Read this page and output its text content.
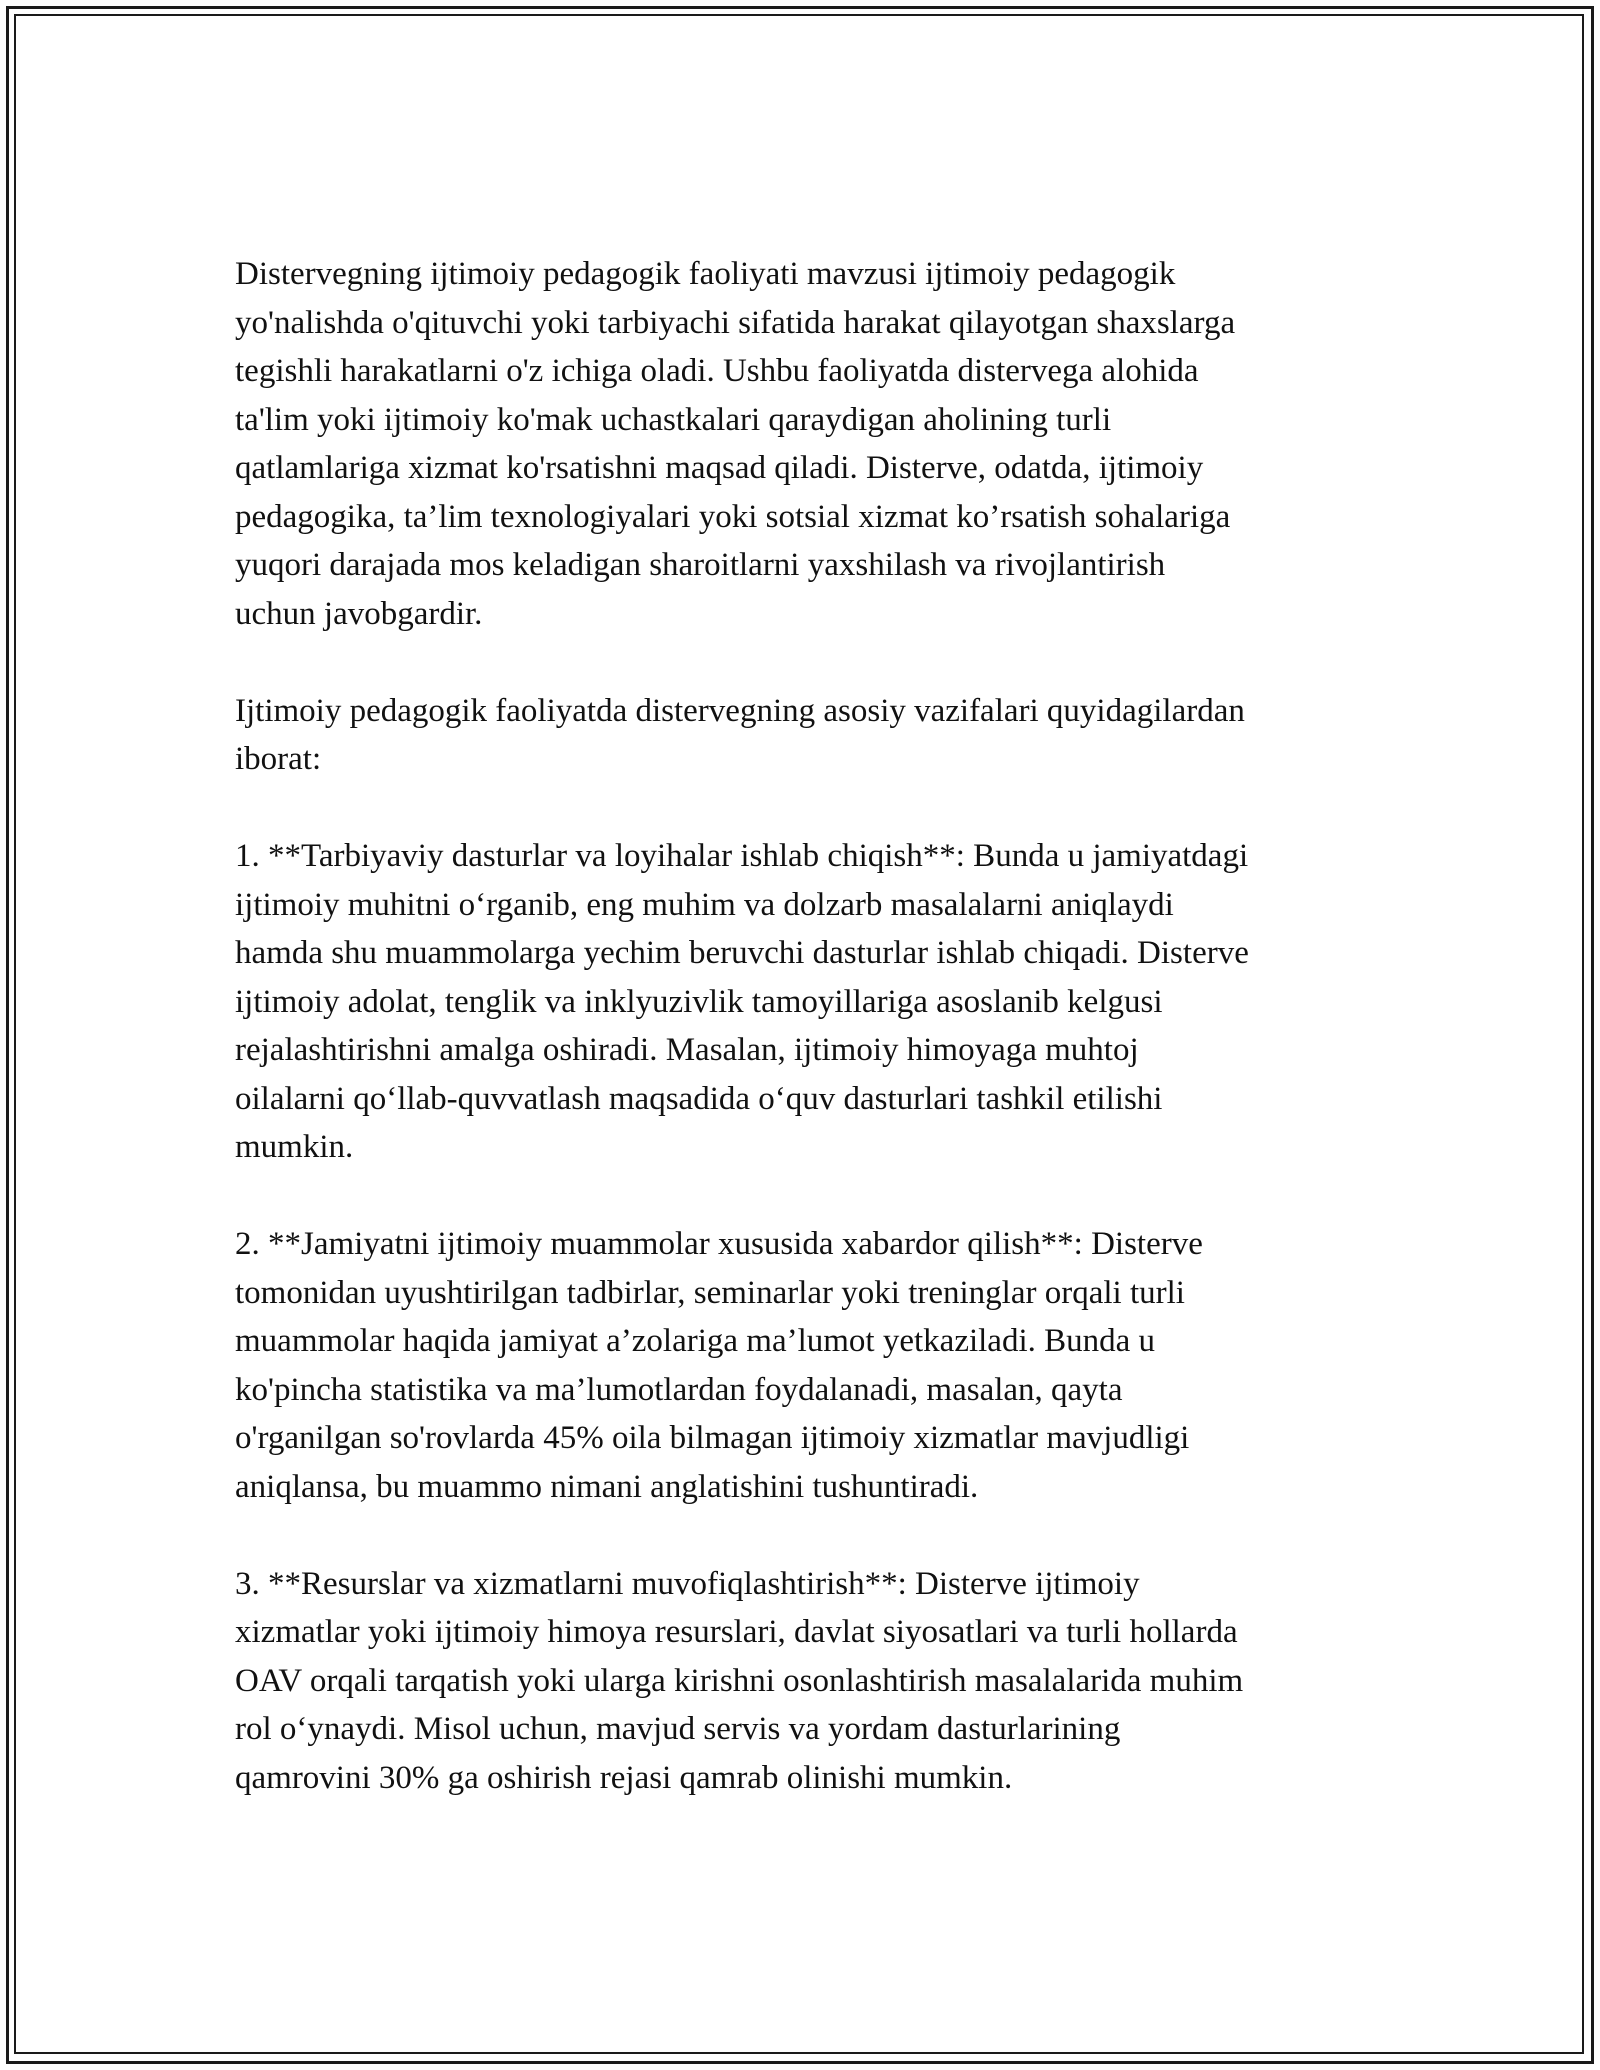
Distervegning ijtimoiy pedagogik faoliyati mavzusi ijtimoiy pedagogik
yo'nalishda o'qituvchi yoki tarbiyachi sifatida harakat qilayotgan shaxslarga
tegishli harakatlarni o'z ichiga oladi. Ushbu faoliyatda distervega alohida
ta'lim yoki ijtimoiy ko'mak uchastkalari qaraydigan aholining turli
qatlamlariga xizmat ko'rsatishni maqsad qiladi. Disterve, odatda, ijtimoiy
pedagogika, ta’lim texnologiyalari yoki sotsial xizmat ko’rsatish sohalariga
yuqori darajada mos keladigan sharoitlarni yaxshilash va rivojlantirish
uchun javobgardir.

Ijtimoiy pedagogik faoliyatda distervegning asosiy vazifalari quyidagilardan
iborat:

1. **Tarbiyaviy dasturlar va loyihalar ishlab chiqish**: Bunda u jamiyatdagi
ijtimoiy muhitni o‘rganib, eng muhim va dolzarb masalalarni aniqlaydi
hamda shu muammolarga yechim beruvchi dasturlar ishlab chiqadi. Disterve
ijtimoiy adolat, tenglik va inklyuzivlik tamoyillariga asoslanib kelgusi
rejalashtirishni amalga oshiradi. Masalan, ijtimoiy himoyaga muhtoj
oilalarni qo‘llab-quvvatlash maqsadida o‘quv dasturlari tashkil etilishi
mumkin.

2. **Jamiyatni ijtimoiy muammolar xususida xabardor qilish**: Disterve
tomonidan uyushtirilgan tadbirlar, seminarlar yoki treninglar orqali turli
muammolar haqida jamiyat a’zolariga ma’lumot yetkaziladi. Bunda u
ko'pincha statistika va ma’lumotlardan foydalanadi, masalan, qayta
o'rganilgan so'rovlarda 45% oila bilmagan ijtimoiy xizmatlar mavjudligi
aniqlansa, bu muammo nimani anglatishini tushuntiradi.

3. **Resurslar va xizmatlarni muvofiqlashtirish**: Disterve ijtimoiy
xizmatlar yoki ijtimoiy himoya resurslari, davlat siyosatlari va turli hollarda
OAV orqali tarqatish yoki ularga kirishni osonlashtirish masalalarida muhim
rol o‘ynaydi. Misol uchun, mavjud servis va yordam dasturlarining
qamrovini 30% ga oshirish rejasi qamrab olinishi mumkin.
